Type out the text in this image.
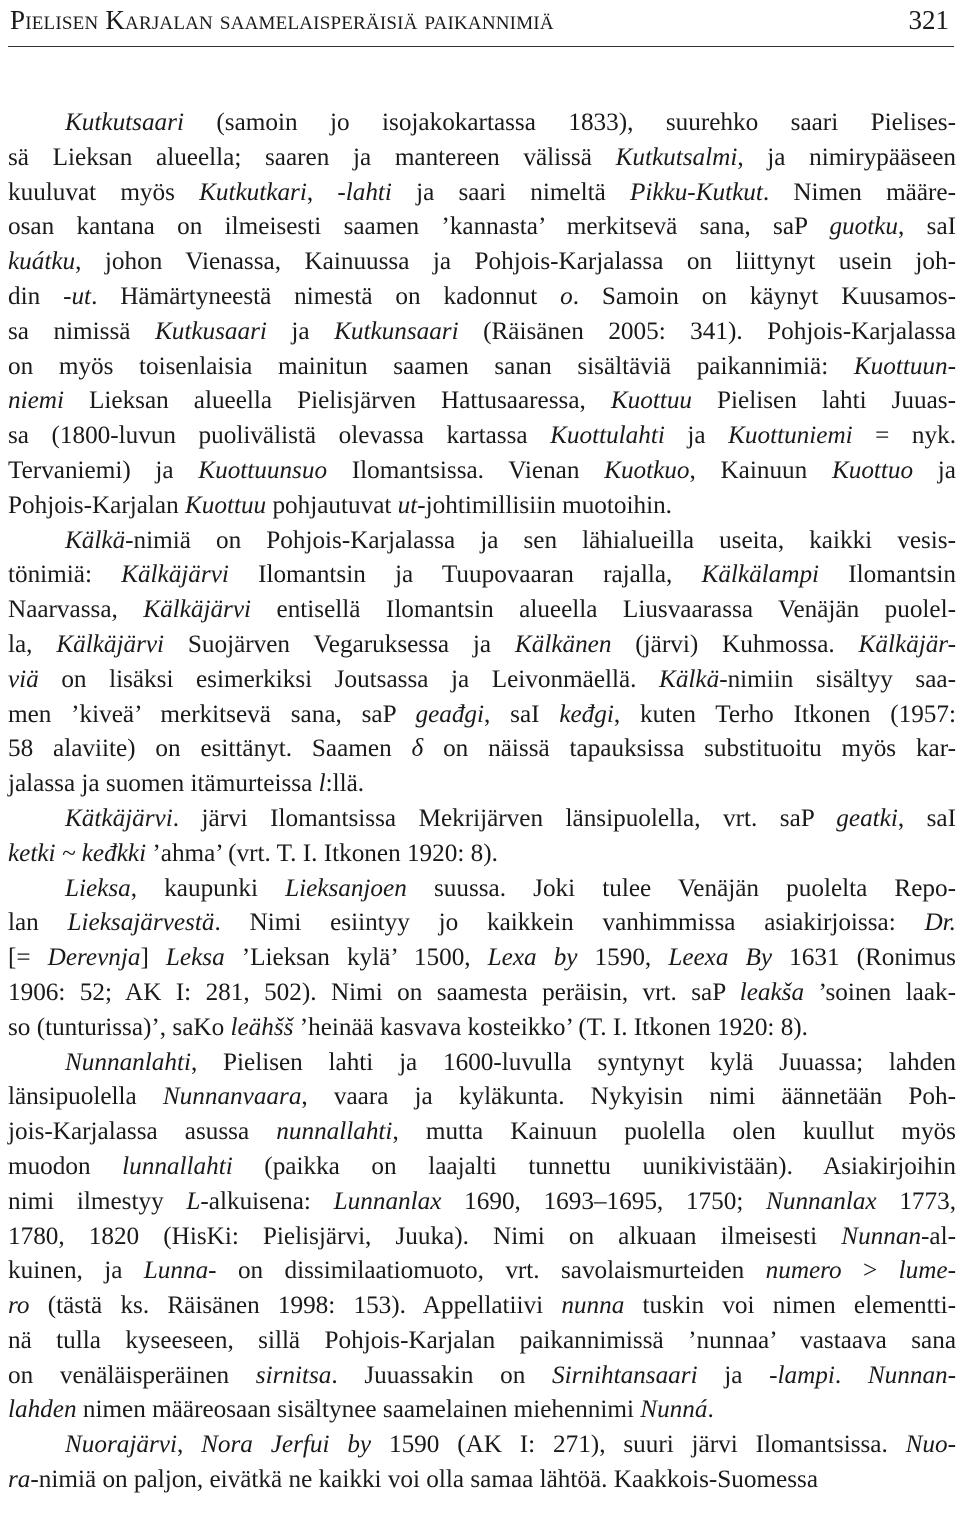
Pielisen Karjalan saamelaisperäisiä paikannimiä	321
Kutkutsaari (samoin jo isojakokartassa 1833), suurehko saari Pielises-
sä Lieksan alueella; saaren ja mantereen välissä Kutkutsalmi, ja nimirypääseen
kuuluvat myös Kutkutkari, -lahti ja saari nimeltä Pikku-Kutkut. Nimen määre-
osan kantana on ilmeisesti saamen ’kannasta’ merkitsevä sana, saP guotku, saI
kuátku, johon Vienassa, Kainuussa ja Pohjois-Karjalassa on liittynyt usein joh-
din -ut. Hämärtyneestä nimestä on kadonnut o. Samoin on käynyt Kuusamos-
sa nimissä Kutkusaari ja Kutkunsaari (Räisänen 2005: 341). Pohjois-Karjalassa
on myös toisenlaisia mainitun saamen sanan sisältäviä paikannimiä: Kuottuun-
niemi Lieksan alueella Pielisjärven Hattusaaressa, Kuottuu Pielisen lahti Juuas-
sa (1800-luvun puolivälistä olevassa kartassa Kuottulahti ja Kuottuniemi = nyk.
Tervaniemi) ja Kuottuunsuo Ilomantsissa. Vienan Kuotkuo, Kainuun Kuottuo ja
Pohjois-Karjalan Kuottuu pohjautuvat ut-johtimillisiin muotoihin.
Kälkä-nimiä on Pohjois-Karjalassa ja sen lähialueilla useita, kaikki vesis-
tönimiä: Kälkäjärvi Ilomantsin ja Tuupovaaran rajalla, Kälkälampi Ilomantsin
Naarvassa, Kälkäjärvi entisellä Ilomantsin alueella Liusvaarassa Venäjän puolel-
la, Kälkäjärvi Suojärven Vegaruksessa ja Kälkänen (järvi) Kuhmossa. Kälkäjär-
viä on lisäksi esimerkiksi Joutsassa ja Leivonmäellä. Kälkä-nimiin sisältyy saa-
men ’kiveä’ merkitsevä sana, saP geađgi, saI keđgi, kuten Terho Itkonen (1957:
58 alaviite) on esittänyt. Saamen δ on näissä tapauksissa substituoitu myös kar-
jalassa ja suomen itämurteissa l:llä.
Kätkäjärvi. järvi Ilomantsissa Mekrijärven länsipuolella, vrt. saP geatki, saI
ketki ~ keđkki ’ahma’ (vrt. T. I. Itkonen 1920: 8).
Lieksa, kaupunki Lieksanjoen suussa. Joki tulee Venäjän puolelta Repo-
lan Lieksajärvestä. Nimi esiintyy jo kaikkein vanhimmissa asiakirjoissa: Dr.
[= Derevnja] Leksa ’Lieksan kylä’ 1500, Lexa by 1590, Leexa By 1631 (Ronimus
1906: 52; AK I: 281, 502). Nimi on saamesta peräisin, vrt. saP leakša ’soinen laak-
so (tunturissa)’, saKo leähšš ’heinää kasvava kosteikko’ (T. I. Itkonen 1920: 8).
Nunnanlahti, Pielisen lahti ja 1600-luvulla syntynyt kylä Juuassa; lahden
länsipuolella Nunnanvaara, vaara ja kyläkunta. Nykyisin nimi äännetään Poh-
jois-Karjalassa asussa nunnallahti, mutta Kainuun puolella olen kuullut myös
muodon lunnallahti (paikka on laajalti tunnettu uunikivistään). Asiakirjoihin
nimi ilmestyy L-alkuisena: Lunnanlax 1690, 1693–1695, 1750; Nunnanlax 1773,
1780, 1820 (HisKi: Pielisjärvi, Juuka). Nimi on alkuaan ilmeisesti Nunnan-al-
kuinen, ja Lunna- on dissimilaatiomuoto, vrt. savolaismurteiden numero > lume-
ro (tästä ks. Räisänen 1998: 153). Appellatiivi nunna tuskin voi nimen elementti-
nä tulla kyseeseen, sillä Pohjois-Karjalan paikannimissä ’nunnaa’ vastaava sana
on venäläisperäinen sirnitsa. Juuassakin on Sirnihtansaari ja -lampi. Nunnan-
lahden nimen määreosaan sisältynee saamelainen miehennimi Nunná.
Nuorajärvi, Nora Jerfui by 1590 (AK I: 271), suuri järvi Ilomantsissa. Nuo-
ra-nimiä on paljon, eivätkä ne kaikki voi olla samaa lähtöä. Kaakkois-Suomessa
